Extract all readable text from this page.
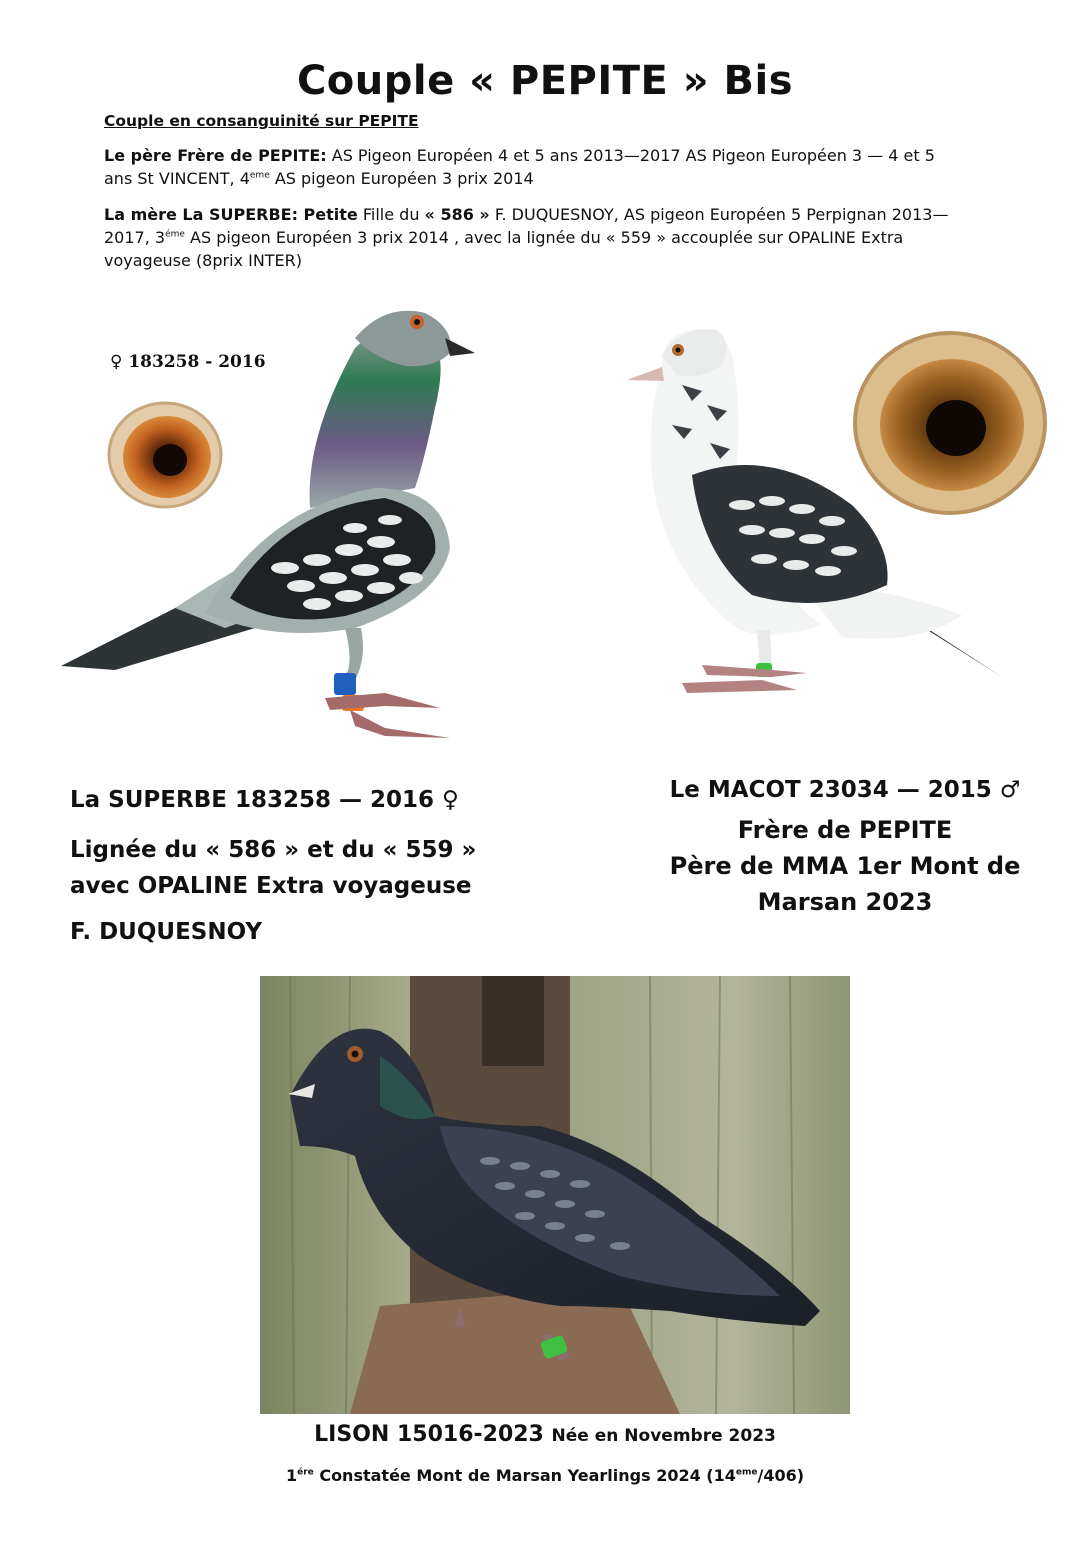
Couple « PEPITE » Bis
Couple en consanguinité sur PEPITE
Le père Frère de PEPITE: AS Pigeon Européen 4 et 5 ans 2013—2017 AS Pigeon Européen 3 — 4 et 5 ans St VINCENT, 4eme AS pigeon Européen 3 prix 2014
La mère La SUPERBE: Petite Fille du « 586 » F. DUQUESNOY, AS pigeon Européen 5 Perpignan 2013—2017, $3^{éme}$ AS pigeon Européen 3 prix 2014 , avec la lignée du « 559 » accouplée sur OPALINE Extra voyageuse (8prix INTER)
♀ 183258 - 2016
La SUPERBE 183258 — 2016 ♀
Lignée du « 586 » et du « 559 »
avec OPALINE Extra voyageuse
F. DUQUESNOY
Le MACOT 23034 — 2015 ♂
Frère de PEPITE
Père de MMA 1er Mont de
Marsan 2023
LISON 15016-2023 Née en Novembre 2023
$1^{ére}$ Constatée Mont de Marsan Yearlings 2024 (14eme/406)
